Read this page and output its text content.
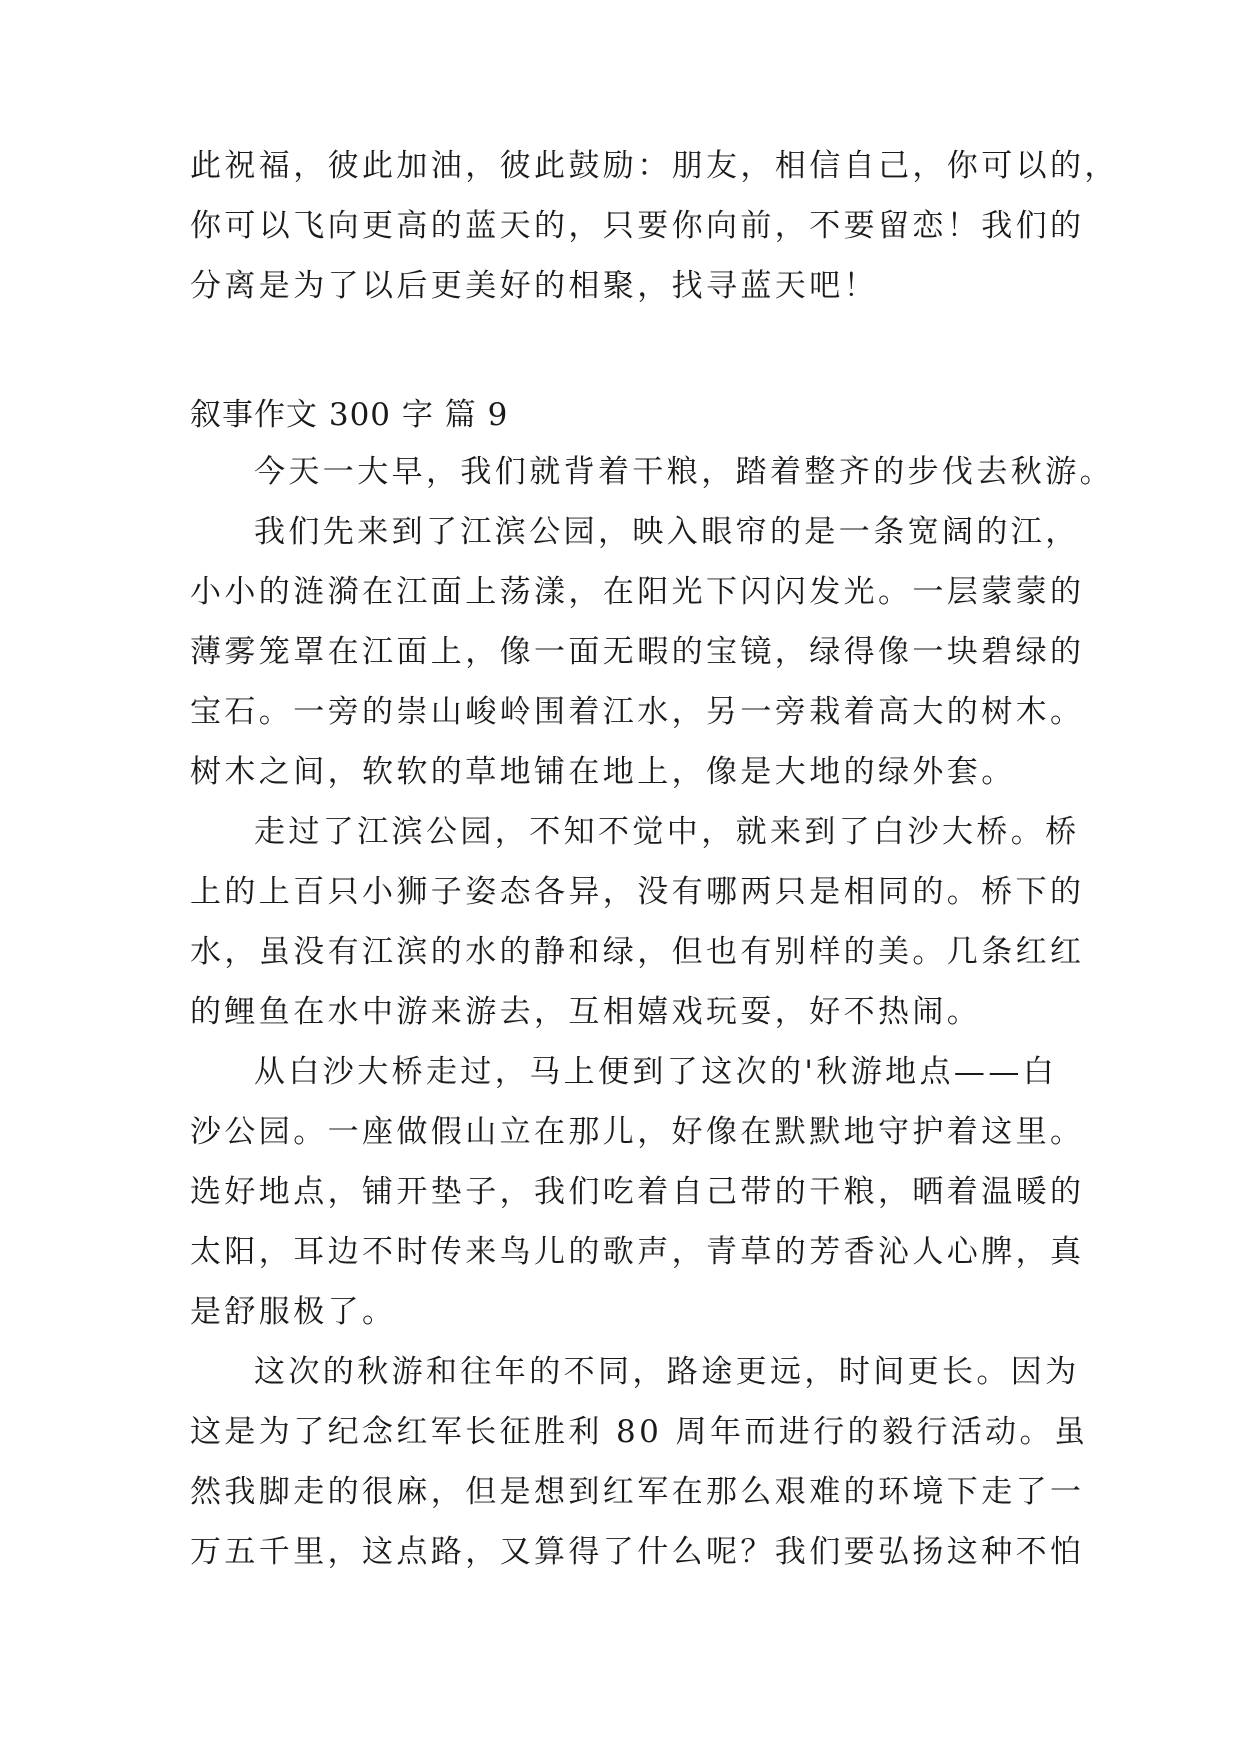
此祝福，彼此加油，彼此鼓励：朋友，相信自己，你可以的，
你可以飞向更高的蓝天的，只要你向前，不要留恋！我们的
分离是为了以后更美好的相聚，找寻蓝天吧！
叙事作文 300 字 篇 9
今天一大早，我们就背着干粮，踏着整齐的步伐去秋游。
我们先来到了江滨公园，映入眼帘的是一条宽阔的江，
小小的涟漪在江面上荡漾，在阳光下闪闪发光。一层蒙蒙的
薄雾笼罩在江面上，像一面无暇的宝镜，绿得像一块碧绿的
宝石。一旁的崇山峻岭围着江水，另一旁栽着高大的树木。
树木之间，软软的草地铺在地上，像是大地的绿外套。
走过了江滨公园，不知不觉中，就来到了白沙大桥。桥
上的上百只小狮子姿态各异，没有哪两只是相同的。桥下的
水，虽没有江滨的水的静和绿，但也有别样的美。几条红红
的鲤鱼在水中游来游去，互相嬉戏玩耍，好不热闹。
从白沙大桥走过，马上便到了这次的'秋游地点——白
沙公园。一座做假山立在那儿，好像在默默地守护着这里。
选好地点，铺开垫子，我们吃着自己带的干粮，晒着温暖的
太阳，耳边不时传来鸟儿的歌声，青草的芳香沁人心脾，真
是舒服极了。
这次的秋游和往年的不同，路途更远，时间更长。因为
这是为了纪念红军长征胜利 80 周年而进行的毅行活动。虽
然我脚走的很麻，但是想到红军在那么艰难的环境下走了一
万五千里，这点路，又算得了什么呢？我们要弘扬这种不怕
